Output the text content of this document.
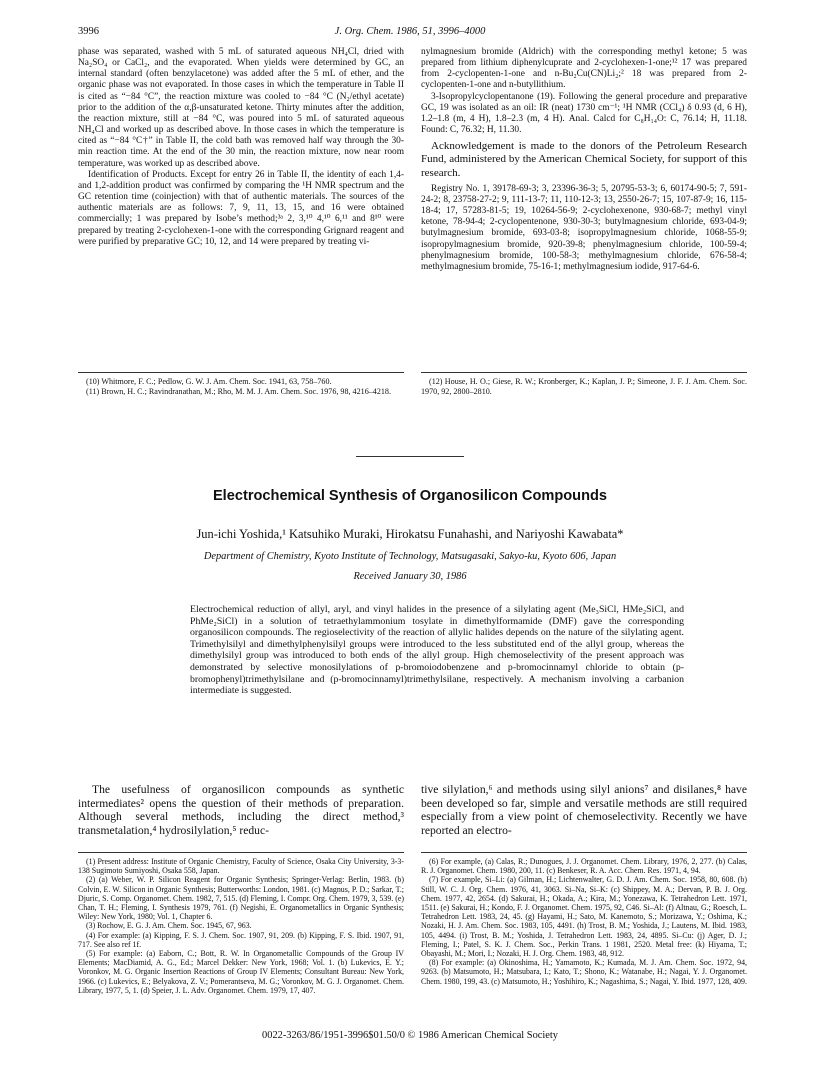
3996	J. Org. Chem. 1986, 51, 3996–4000

phase was separated, washed with 5 mL of saturated aqueous NH₄Cl, dried with Na₂SO₄ or CaCl₂, and the evaporated. When yields were determined by GC, an internal standard (often benzylacetone) was added after the 5 mL of ether, and the organic phase was not evaporated. In those cases in which the temperature in Table II is cited as “−84 °C”, the reaction mixture was cooled to −84 °C (N₂/ethyl acetate) prior to the addition of the α,β-unsaturated ketone. Thirty minutes after the addition, the reaction mixture, still at −84 °C, was poured into 5 mL of saturated aqueous NH₄Cl and worked up as described above. In those cases in which the temperature is cited as “−84 °C†” in Table II, the cold bath was removed half way through the 30-min reaction time. At the end of the 30 min, the reaction mixture, now near room temperature, was worked up as described above.

Identification of Products. Except for entry 26 in Table II, the identity of each 1,4- and 1,2-addition product was confirmed by comparing the ¹H NMR spectrum and the GC retention time (coinjection) with that of authentic materials. The sources of the authentic materials are as follows: 7, 9, 11, 13, 15, and 16 were obtained commercially; 1 was prepared by Isobe’s method;³ᵃ 2, 3,¹⁰ 4,¹⁰ 6,¹¹ and 8¹⁰ were prepared by treating 2-cyclohexen-1-one with the corresponding Grignard reagent and were purified by preparative GC; 10, 12, and 14 were prepared by treating vi-

nylmagnesium bromide (Aldrich) with the corresponding methyl ketone; 5 was prepared from lithium diphenylcuprate and 2-cyclohexen-1-one;¹² 17 was prepared from 2-cyclopenten-1-one and n-Bu₂Cu(CN)Li₂;² 18 was prepared from 2-cyclopenten-1-one and n-butyllithium.

3-Isopropylcyclopentanone (19). Following the general procedure and preparative GC, 19 was isolated as an oil: IR (neat) 1730 cm⁻¹; ¹H NMR (CCl₄) δ 0.93 (d, 6 H), 1.2–1.8 (m, 4 H), 1.8–2.3 (m, 4 H). Anal. Calcd for C₈H₁₄O: C, 76.14; H, 11.18. Found: C, 76.32; H, 11.30.

Acknowledgement is made to the donors of the Petroleum Research Fund, administered by the American Chemical Society, for support of this research.

Registry No. 1, 39178-69-3; 3, 23396-36-3; 5, 20795-53-3; 6, 60174-90-5; 7, 591-24-2; 8, 23758-27-2; 9, 111-13-7; 11, 110-12-3; 13, 2550-26-7; 15, 107-87-9; 16, 115-18-4; 17, 57283-81-5; 19, 10264-56-9; 2-cyclohexenone, 930-68-7; methyl vinyl ketone, 78-94-4; 2-cyclopentenone, 930-30-3; butylmagnesium chloride, 693-04-9; butylmagnesium bromide, 693-03-8; isopropylmagnesium chloride, 1068-55-9; isopropylmagnesium bromide, 920-39-8; phenylmagnesium chloride, 100-59-4; phenylmagnesium bromide, 100-58-3; methylmagnesium chloride, 676-58-4; methylmagnesium bromide, 75-16-1; methylmagnesium iodide, 917-64-6.

(10) Whitmore, F. C.; Pedlow, G. W. J. Am. Chem. Soc. 1941, 63, 758–760.

(11) Brown, H. C.; Ravindranathan, M.; Rho, M. M. J. Am. Chem. Soc. 1976, 98, 4216–4218.

(12) House, H. O.; Giese, R. W.; Kronberger, K.; Kaplan, J. P.; Simeone, J. F. J. Am. Chem. Soc. 1970, 92, 2800–2810.

Electrochemical Synthesis of Organosilicon Compounds
Jun-ichi Yoshida,¹ Katsuhiko Muraki, Hirokatsu Funahashi, and Nariyoshi Kawabata*
Department of Chemistry, Kyoto Institute of Technology, Matsugasaki, Sakyo-ku, Kyoto 606, Japan
Received January 30, 1986
Electrochemical reduction of allyl, aryl, and vinyl halides in the presence of a silylating agent (Me₃SiCl, HMe₂SiCl, and PhMe₂SiCl) in a solution of tetraethylammonium tosylate in dimethylformamide (DMF) gave the corresponding organosilicon compounds. The regioselectivity of the reaction of allylic halides depends on the nature of the silylating agent. Trimethylsilyl and dimethylphenylsilyl groups were introduced to the less substituted end of the allyl group, whereas the dimethylsilyl group was introduced to both ends of the allyl group. High chemoselectivity of the present approach was demonstrated by selective monosilylations of p-bromoiodobenzene and p-bromocinnamyl chloride to obtain (p-bromophenyl)trimethylsilane and (p-bromocinnamyl)trimethylsilane, respectively. A mechanism involving a carbanion intermediate is suggested.

The usefulness of organosilicon compounds as synthetic intermediates² opens the question of their methods of preparation. Although several methods, including the direct method,³ transmetalation,⁴ hydrosilylation,⁵ reduc-

tive silylation,⁶ and methods using silyl anions⁷ and disilanes,⁸ have been developed so far, simple and versatile methods are still required especially from a view point of chemoselectivity. Recently we have reported an electro-

(1) Present address: Institute of Organic Chemistry, Faculty of Science, Osaka City University, 3-3-138 Sugimoto Sumiyoshi, Osaka 558, Japan.

(2) (a) Weber, W. P. Silicon Reagent for Organic Synthesis; Springer-Verlag: Berlin, 1983. (b) Colvin, E. W. Silicon in Organic Synthesis; Butterworths: London, 1981. (c) Magnus, P. D.; Sarkar, T.; Djuric, S. Comp. Organomet. Chem. 1982, 7, 515. (d) Fleming, I. Compr. Org. Chem. 1979, 3, 539. (e) Chan, T. H.; Fleming, I. Synthesis 1979, 761. (f) Negishi, E. Organometallics in Organic Synthesis; Wiley: New York, 1980; Vol. 1, Chapter 6.

(3) Rochow, E. G. J. Am. Chem. Soc. 1945, 67, 963.

(4) For example: (a) Kipping, F. S. J. Chem. Soc. 1907, 91, 209. (b) Kipping, F. S. Ibid. 1907, 91, 717. See also ref 1f.

(5) For example: (a) Eaborn, C.; Bott, R. W. In Organometallic Compounds of the Group IV Elements; MacDiamid, A. G., Ed.; Marcel Dekker: New York, 1968; Vol. 1. (b) Lukevics, E. Y.; Voronkov, M. G. Organic Insertion Reactions of Group IV Elements; Consultant Bureau: New York, 1966. (c) Lukevics, E.; Belyakova, Z. V.; Pomerantseva, M. G.; Voronkov, M. G. J. Organomet. Chem. Library, 1977, 5, 1. (d) Speier, J. L. Adv. Organomet. Chem. 1979, 17, 407.

(6) For example, (a) Calas, R.; Dunogues, J. J. Organomet. Chem. Library, 1976, 2, 277. (b) Calas, R. J. Organomet. Chem. 1980, 200, 11. (c) Benkeser, R. A. Acc. Chem. Res. 1971, 4, 94.

(7) For example, Si–Li: (a) Gilman, H.; Lichtenwalter, G. D. J. Am. Chem. Soc. 1958, 80, 608. (b) Still, W. C. J. Org. Chem. 1976, 41, 3063. Si–Na, Si–K: (c) Shippey, M. A.; Dervan, P. B. J. Org. Chem. 1977, 42, 2654. (d) Sakurai, H.; Okada, A.; Kira, M.; Yonezawa, K. Tetrahedron Lett. 1971, 1511. (e) Sakurai, H.; Kondo, F. J. Organomet. Chem. 1975, 92, C46. Si–Al: (f) Altnau, G.; Roesch, L. Tetrahedron Lett. 1983, 24, 45. (g) Hayami, H.; Sato, M. Kanemoto, S.; Morizawa, Y.; Oshima, K.; Nozaki, H. J. Am. Chem. Soc. 1983, 105, 4491. (h) Trost, B. M.; Yoshida, J.; Lautens, M. Ibid. 1983, 105, 4494. (i) Trost, B. M.; Yoshida, J. Tetrahedron Lett. 1983, 24, 4895. Si–Cu: (j) Ager, D. J.; Fleming, I.; Patel, S. K. J. Chem. Soc., Perkin Trans. 1 1981, 2520. Metal free: (k) Hiyama, T.; Obayashi, M.; Mori, I.; Nozaki, H. J. Org. Chem. 1983, 48, 912.

(8) For example: (a) Okinoshima, H.; Yamamoto, K.; Kumada, M. J. Am. Chem. Soc. 1972, 94, 9263. (b) Matsumoto, H.; Matsubara, I.; Kato, T.; Shono, K.; Watanabe, H.; Nagai, Y. J. Organomet. Chem. 1980, 199, 43. (c) Matsumoto, H.; Yoshihiro, K.; Nagashima, S.; Nagai, Y. Ibid. 1977, 128, 409.

0022-3263/86/1951-3996$01.50/0 © 1986 American Chemical Society
